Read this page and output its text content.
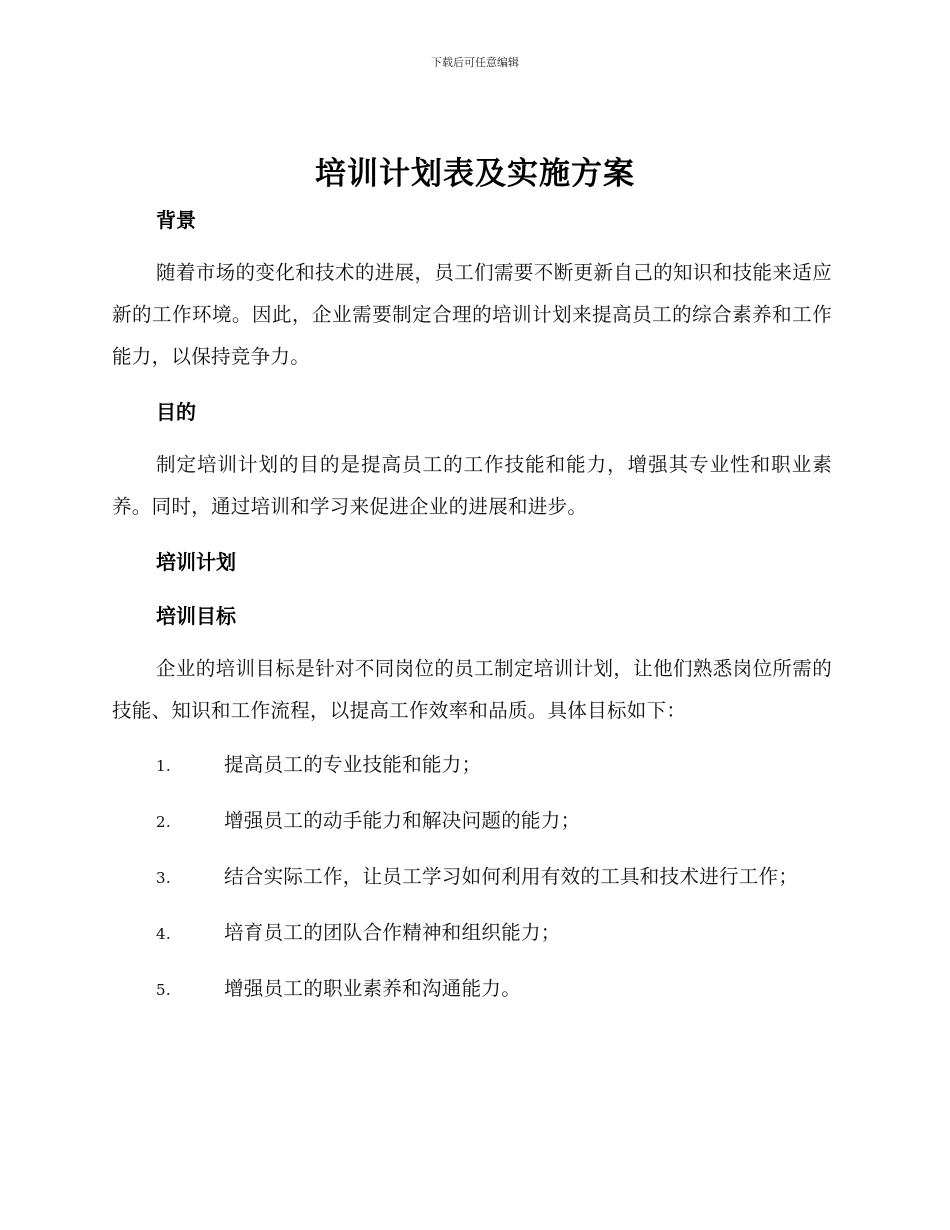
下载后可任意编辑
培训计划表及实施方案
背景

随着市场的变化和技术的进展，员工们需要不断更新自己的知识和技能来适应新的工作环境。因此，企业需要制定合理的培训计划来提高员工的综合素养和工作能力，以保持竞争力。

目的

制定培训计划的目的是提高员工的工作技能和能力，增强其专业性和职业素养。同时，通过培训和学习来促进企业的进展和进步。

培训计划
培训目标

企业的培训目标是针对不同岗位的员工制定培训计划，让他们熟悉岗位所需的技能、知识和工作流程，以提高工作效率和品质。具体目标如下：

1.	提高员工的专业技能和能力；
2.	增强员工的动手能力和解决问题的能力；
3.	结合实际工作，让员工学习如何利用有效的工具和技术进行工作；
4.	培育员工的团队合作精神和组织能力；
5.	增强员工的职业素养和沟通能力。
